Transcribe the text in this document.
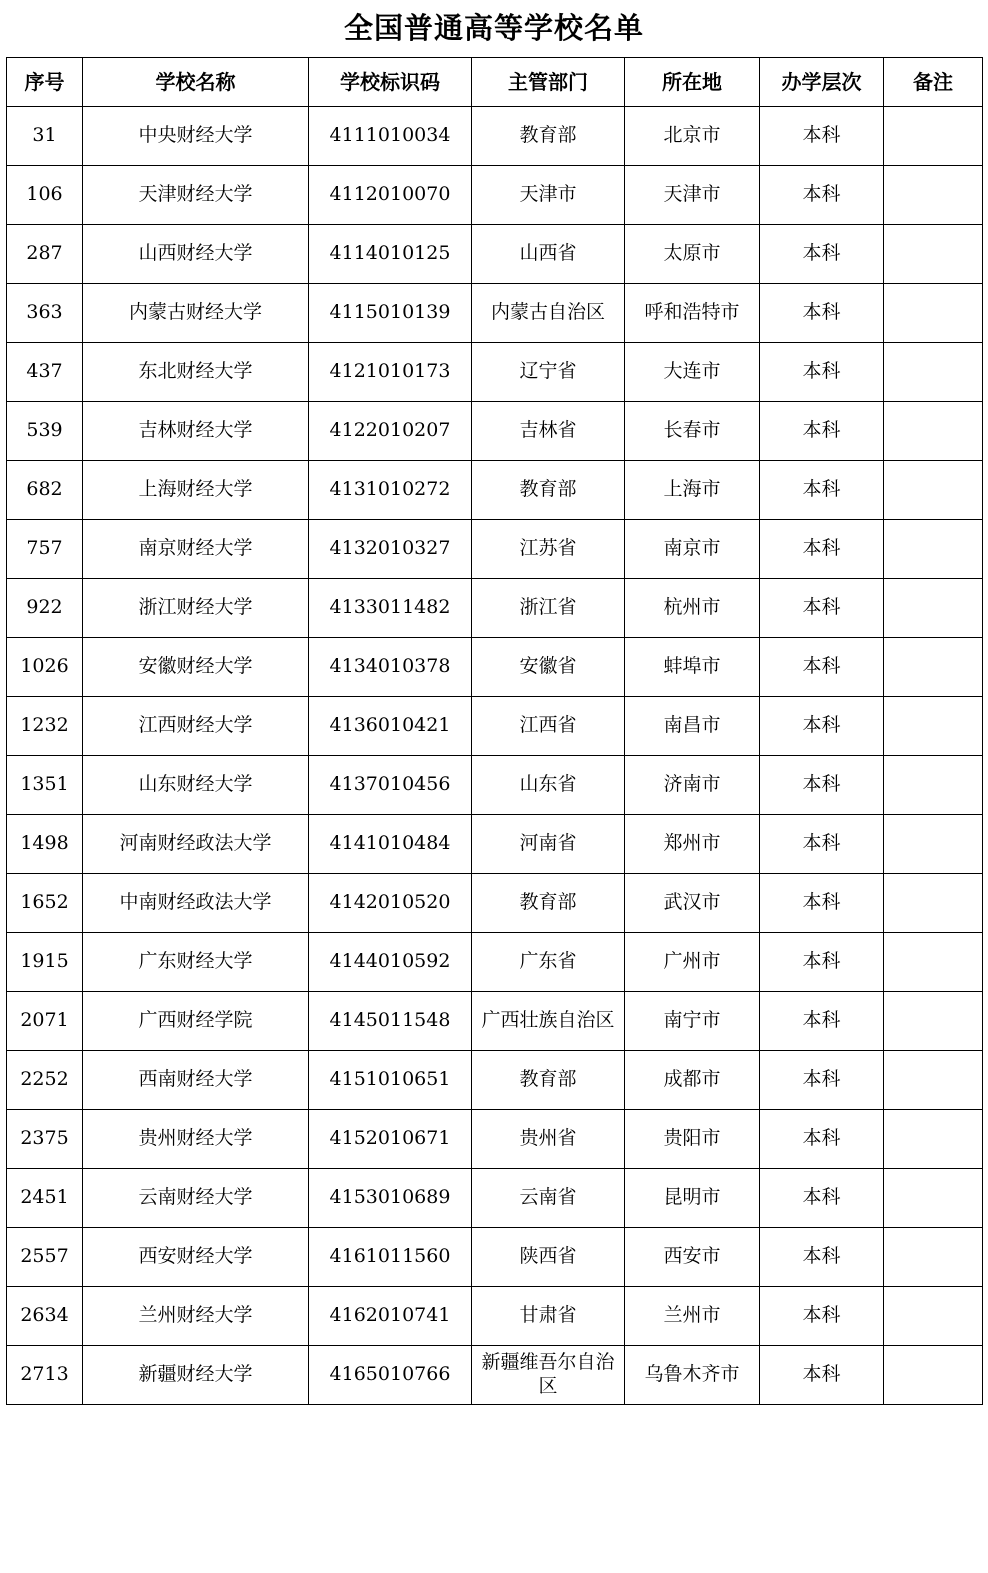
全国普通高等学校名单
序号	学校名称	学校标识码	主管部门	所在地	办学层次	备注
31	中央财经大学	4111010034	教育部	北京市	本科	
106	天津财经大学	4112010070	天津市	天津市	本科	
287	山西财经大学	4114010125	山西省	太原市	本科	
363	内蒙古财经大学	4115010139	内蒙古自治区	呼和浩特市	本科	
437	东北财经大学	4121010173	辽宁省	大连市	本科	
539	吉林财经大学	4122010207	吉林省	长春市	本科	
682	上海财经大学	4131010272	教育部	上海市	本科	
757	南京财经大学	4132010327	江苏省	南京市	本科	
922	浙江财经大学	4133011482	浙江省	杭州市	本科	
1026	安徽财经大学	4134010378	安徽省	蚌埠市	本科	
1232	江西财经大学	4136010421	江西省	南昌市	本科	
1351	山东财经大学	4137010456	山东省	济南市	本科	
1498	河南财经政法大学	4141010484	河南省	郑州市	本科	
1652	中南财经政法大学	4142010520	教育部	武汉市	本科	
1915	广东财经大学	4144010592	广东省	广州市	本科	
2071	广西财经学院	4145011548	广西壮族自治区	南宁市	本科	
2252	西南财经大学	4151010651	教育部	成都市	本科	
2375	贵州财经大学	4152010671	贵州省	贵阳市	本科	
2451	云南财经大学	4153010689	云南省	昆明市	本科	
2557	西安财经大学	4161011560	陕西省	西安市	本科	
2634	兰州财经大学	4162010741	甘肃省	兰州市	本科	
2713	新疆财经大学	4165010766	新疆维吾尔自治区	乌鲁木齐市	本科	
